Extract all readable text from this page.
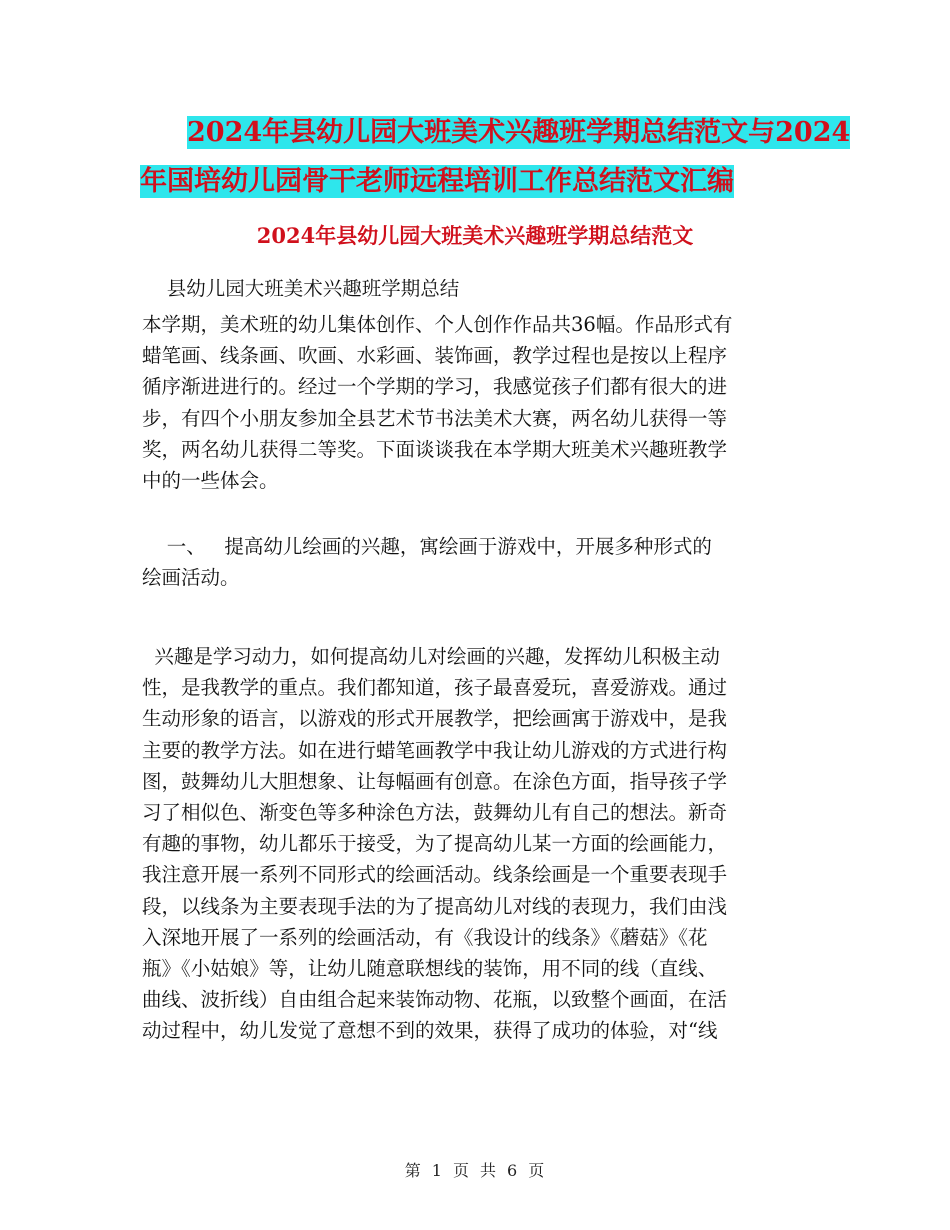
2024年县幼儿园大班美术兴趣班学期总结范文与2024
年国培幼儿园骨干老师远程培训工作总结范文汇编
2024年县幼儿园大班美术兴趣班学期总结范文
县幼儿园大班美术兴趣班学期总结
本学期，美术班的幼儿集体创作、个人创作作品共36幅。作品形式有
蜡笔画、线条画、吹画、水彩画、装饰画，教学过程也是按以上程序
循序渐进进行的。经过一个学期的学习，我感觉孩子们都有很大的进
步，有四个小朋友参加全县艺术节书法美术大赛，两名幼儿获得一等
奖，两名幼儿获得二等奖。下面谈谈我在本学期大班美术兴趣班教学
中的一些体会。
一、   提高幼儿绘画的兴趣，寓绘画于游戏中，开展多种形式的
绘画活动。
兴趣是学习动力，如何提高幼儿对绘画的兴趣，发挥幼儿积极主动
性，是我教学的重点。我们都知道，孩子最喜爱玩，喜爱游戏。通过
生动形象的语言，以游戏的形式开展教学，把绘画寓于游戏中，是我
主要的教学方法。如在进行蜡笔画教学中我让幼儿游戏的方式进行构
图，鼓舞幼儿大胆想象、让每幅画有创意。在涂色方面，指导孩子学
习了相似色、渐变色等多种涂色方法，鼓舞幼儿有自己的想法。新奇
有趣的事物，幼儿都乐于接受，为了提高幼儿某一方面的绘画能力，
我注意开展一系列不同形式的绘画活动。线条绘画是一个重要表现手
段，以线条为主要表现手法的为了提高幼儿对线的表现力，我们由浅
入深地开展了一系列的绘画活动，有《我设计的线条》《蘑菇》《花
瓶》《小姑娘》等，让幼儿随意联想线的装饰，用不同的线（直线、
曲线、波折线）自由组合起来装饰动物、花瓶，以致整个画面，在活
动过程中，幼儿发觉了意想不到的效果，获得了成功的体验，对“线
第 1 页 共 6 页
